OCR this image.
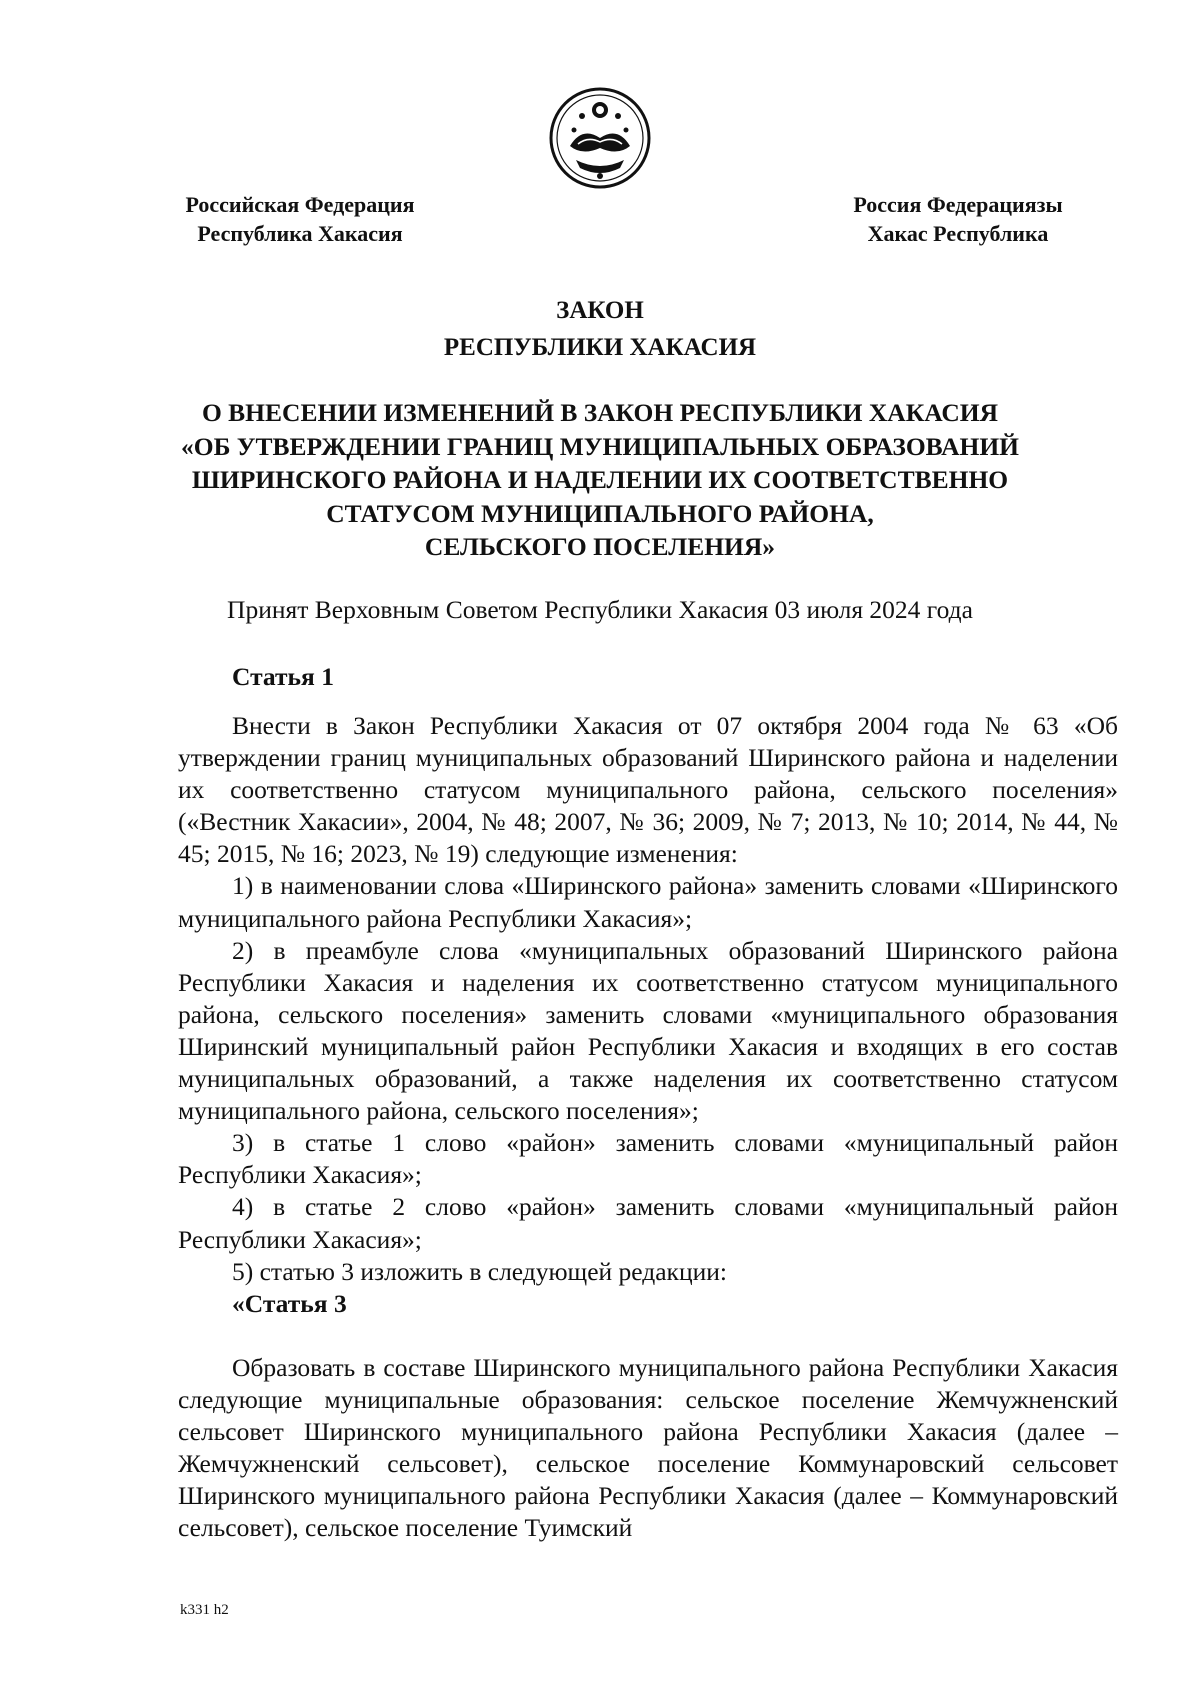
Российская Федерация
Республика Хакасия
Россия Федерациязы
Хакас Республика
ЗАКОН
РЕСПУБЛИКИ ХАКАСИЯ
О ВНЕСЕНИИ ИЗМЕНЕНИЙ В ЗАКОН РЕСПУБЛИКИ ХАКАСИЯ
«ОБ УТВЕРЖДЕНИИ ГРАНИЦ МУНИЦИПАЛЬНЫХ ОБРАЗОВАНИЙ
ШИРИНСКОГО РАЙОНА И НАДЕЛЕНИИ ИХ СООТВЕТСТВЕННО
СТАТУСОМ МУНИЦИПАЛЬНОГО РАЙОНА,
СЕЛЬСКОГО ПОСЕЛЕНИЯ»
Принят Верховным Советом Республики Хакасия 03 июля 2024 года
Статья 1

Внести в Закон Республики Хакасия от 07 октября 2004 года № 63 «Об утверждении границ муниципальных образований Ширинского района и наделении их соответственно статусом муниципального района, сельского поселения» («Вестник Хакасии», 2004, № 48; 2007, № 36; 2009, № 7; 2013, № 10; 2014, № 44, № 45; 2015, № 16; 2023, № 19) следующие изменения:

1) в наименовании слова «Ширинского района» заменить словами «Ширинского муниципального района Республики Хакасия»;

2) в преамбуле слова «муниципальных образований Ширинского района Республики Хакасия и наделения их соответственно статусом муниципального района, сельского поселения» заменить словами «муниципального образования Ширинский муниципальный район Республики Хакасия и входящих в его состав муниципальных образований, а также наделения их соответственно статусом муниципального района, сельского поселения»;

3) в статье 1 слово «район» заменить словами «муниципальный район Республики Хакасия»;

4) в статье 2 слово «район» заменить словами «муниципальный район Республики Хакасия»;

5) статью 3 изложить в следующей редакции:

«Статья 3

Образовать в составе Ширинского муниципального района Республики Хакасия следующие муниципальные образования: сельское поселение Жемчужненский сельсовет Ширинского муниципального района Республики Хакасия (далее – Жемчужненский сельсовет), сельское поселение Коммунаровский сельсовет Ширинского муниципального района Республики Хакасия (далее – Коммунаровский сельсовет), сельское поселение Туимский

k331 h2
